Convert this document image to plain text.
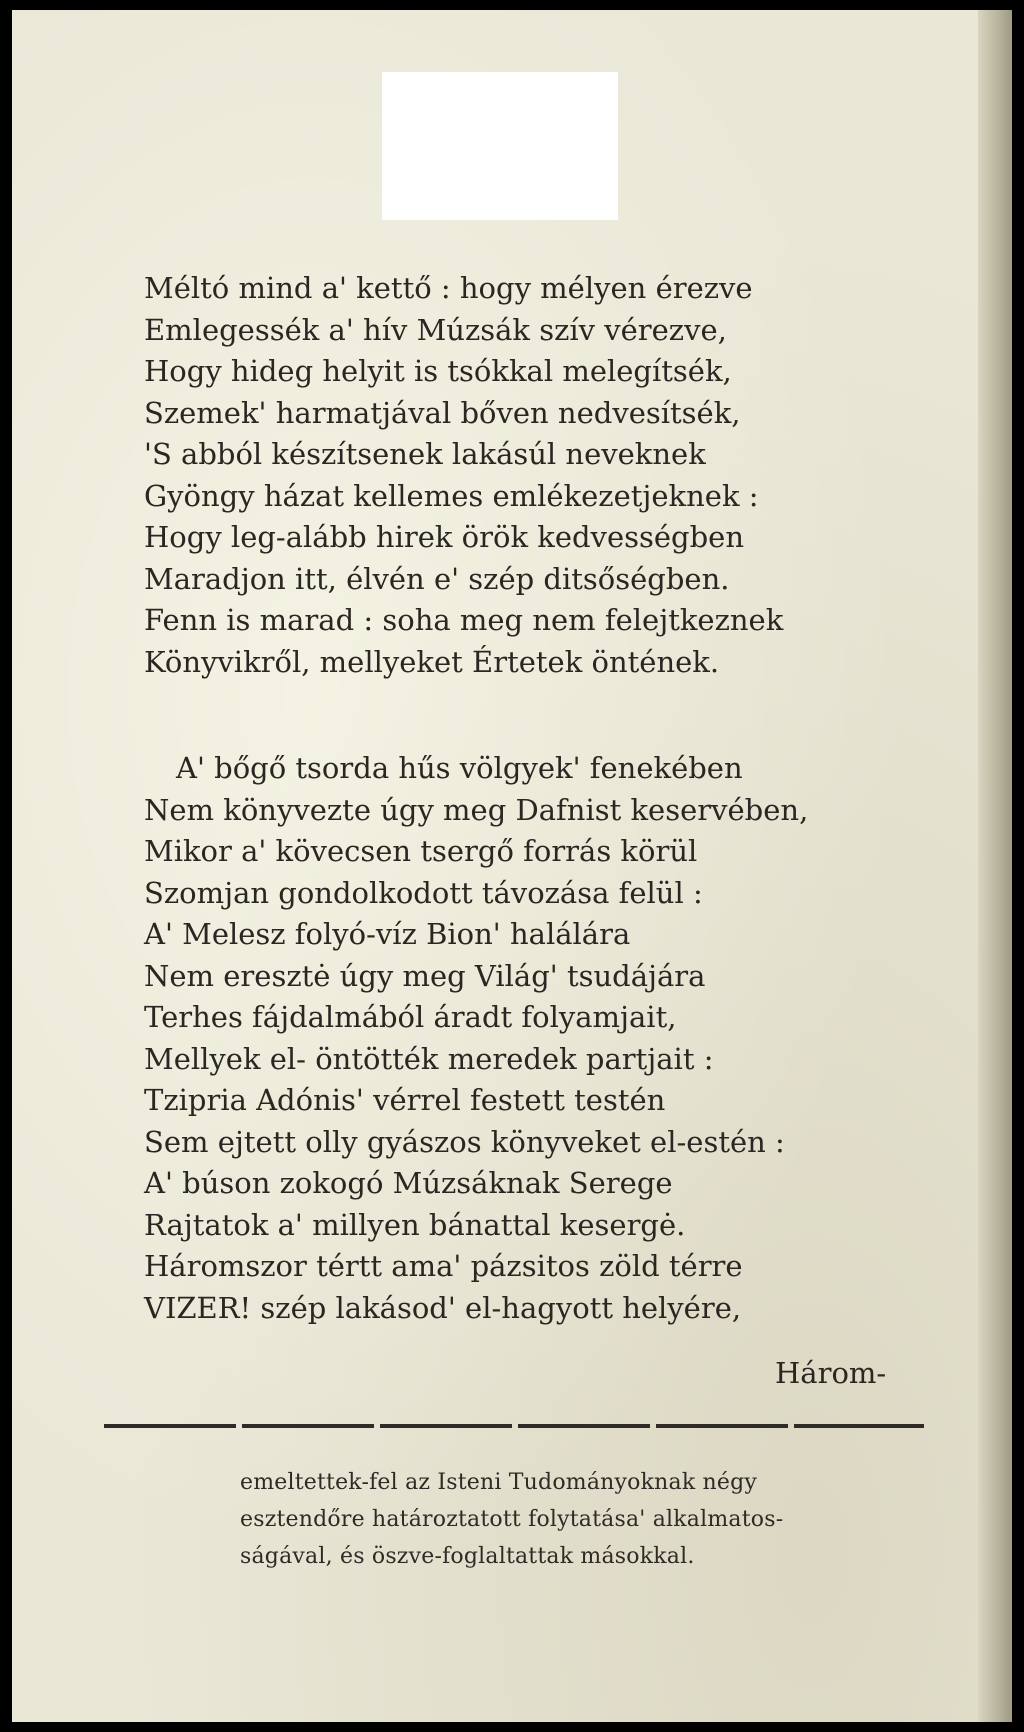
Méltó mind a' kettő : hogy mélyen érezve
Emlegessék a' hív Múzsák szív vérezve,
Hogy hideg helyit is tsókkal melegítsék,
Szemek' harmatjával bőven nedvesítsék,
'S abból készítsenek lakásúl neveknek
Gyöngy házat kellemes emlékezetjeknek :
Hogy leg-alább hirek örök kedvességben
Maradjon itt, élvén e' szép ditsőségben.
Fenn is marad : soha meg nem felejtkeznek
Könyvikről, mellyeket Értetek öntének.
A' bőgő tsorda hűs völgyek' fenekében
Nem könyvezte úgy meg Dafnist keservében,
Mikor a' kövecsen tsergő forrás körül
Szomjan gondolkodott távozása felül :
A' Melesz folyó-víz Bion' halálára
Nem eresztė úgy meg Világ' tsudájára
Terhes fájdalmából áradt folyamjait,
Mellyek el- öntötték meredek partjait :
Tzipria Adónis' vérrel festett testén
Sem ejtett olly gyászos könyveket el-estén :
A' búson zokogó Múzsáknak Serege
Rajtatok a' millyen bánattal kesergė.
Háromszor tértt ama' pázsitos zöld térre
VIZER! szép lakásod' el-hagyott helyére,
Három-
emeltettek-fel az Isteni Tudományoknak négy
esztendőre határoztatott folytatása' alkalmatos-
ságával, és öszve-foglaltattak másokkal.
